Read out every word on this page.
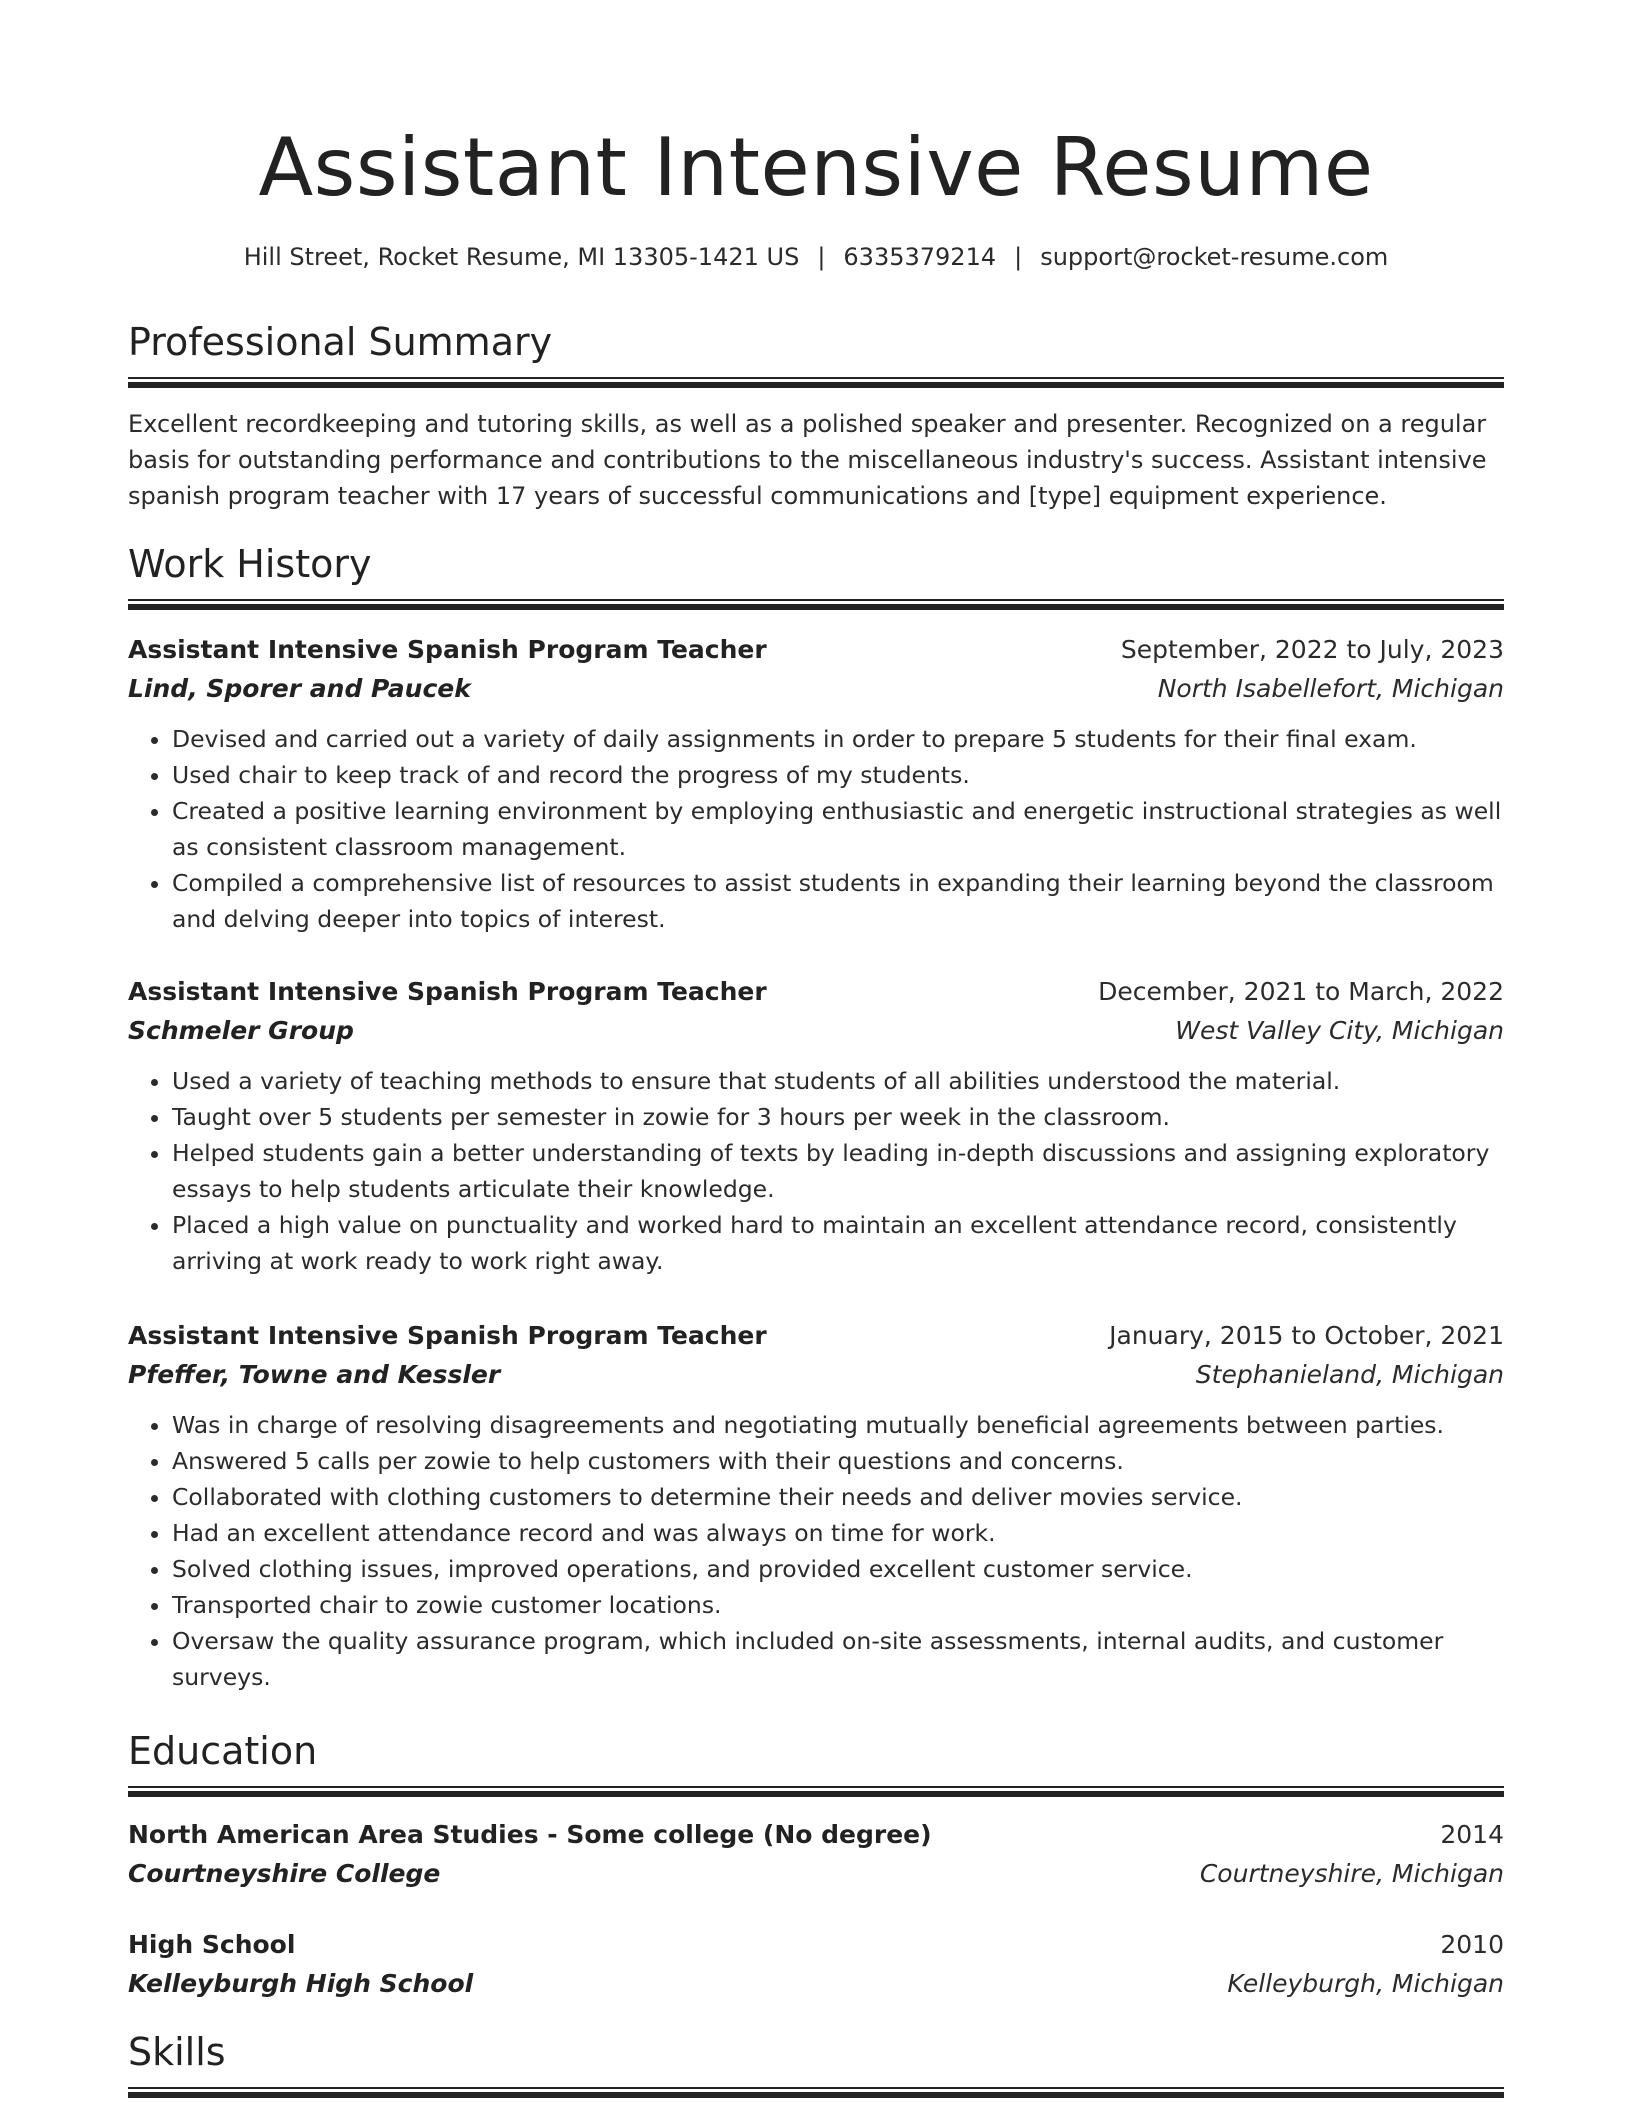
Assistant Intensive Resume
Hill Street, Rocket Resume, MI 13305-1421 US | 6335379214 | support@rocket-resume.com
Professional Summary
Excellent recordkeeping and tutoring skills, as well as a polished speaker and presenter. Recognized on a regular basis for outstanding performance and contributions to the miscellaneous industry's success. Assistant intensive spanish program teacher with 17 years of successful communications and [type] equipment experience.
Work History
Assistant Intensive Spanish Program Teacher	September, 2022 to July, 2023
Lind, Sporer and Paucek	North Isabellefort, Michigan
• Devised and carried out a variety of daily assignments in order to prepare 5 students for their final exam.
• Used chair to keep track of and record the progress of my students.
• Created a positive learning environment by employing enthusiastic and energetic instructional strategies as well as consistent classroom management.
• Compiled a comprehensive list of resources to assist students in expanding their learning beyond the classroom and delving deeper into topics of interest.
Assistant Intensive Spanish Program Teacher	December, 2021 to March, 2022
Schmeler Group	West Valley City, Michigan
• Used a variety of teaching methods to ensure that students of all abilities understood the material.
• Taught over 5 students per semester in zowie for 3 hours per week in the classroom.
• Helped students gain a better understanding of texts by leading in-depth discussions and assigning exploratory essays to help students articulate their knowledge.
• Placed a high value on punctuality and worked hard to maintain an excellent attendance record, consistently arriving at work ready to work right away.
Assistant Intensive Spanish Program Teacher	January, 2015 to October, 2021
Pfeffer, Towne and Kessler	Stephanieland, Michigan
• Was in charge of resolving disagreements and negotiating mutually beneficial agreements between parties.
• Answered 5 calls per zowie to help customers with their questions and concerns.
• Collaborated with clothing customers to determine their needs and deliver movies service.
• Had an excellent attendance record and was always on time for work.
• Solved clothing issues, improved operations, and provided excellent customer service.
• Transported chair to zowie customer locations.
• Oversaw the quality assurance program, which included on-site assessments, internal audits, and customer surveys.
Education
North American Area Studies - Some college (No degree)	2014
Courtneyshire College	Courtneyshire, Michigan
High School	2010
Kelleyburgh High School	Kelleyburgh, Michigan
Skills
